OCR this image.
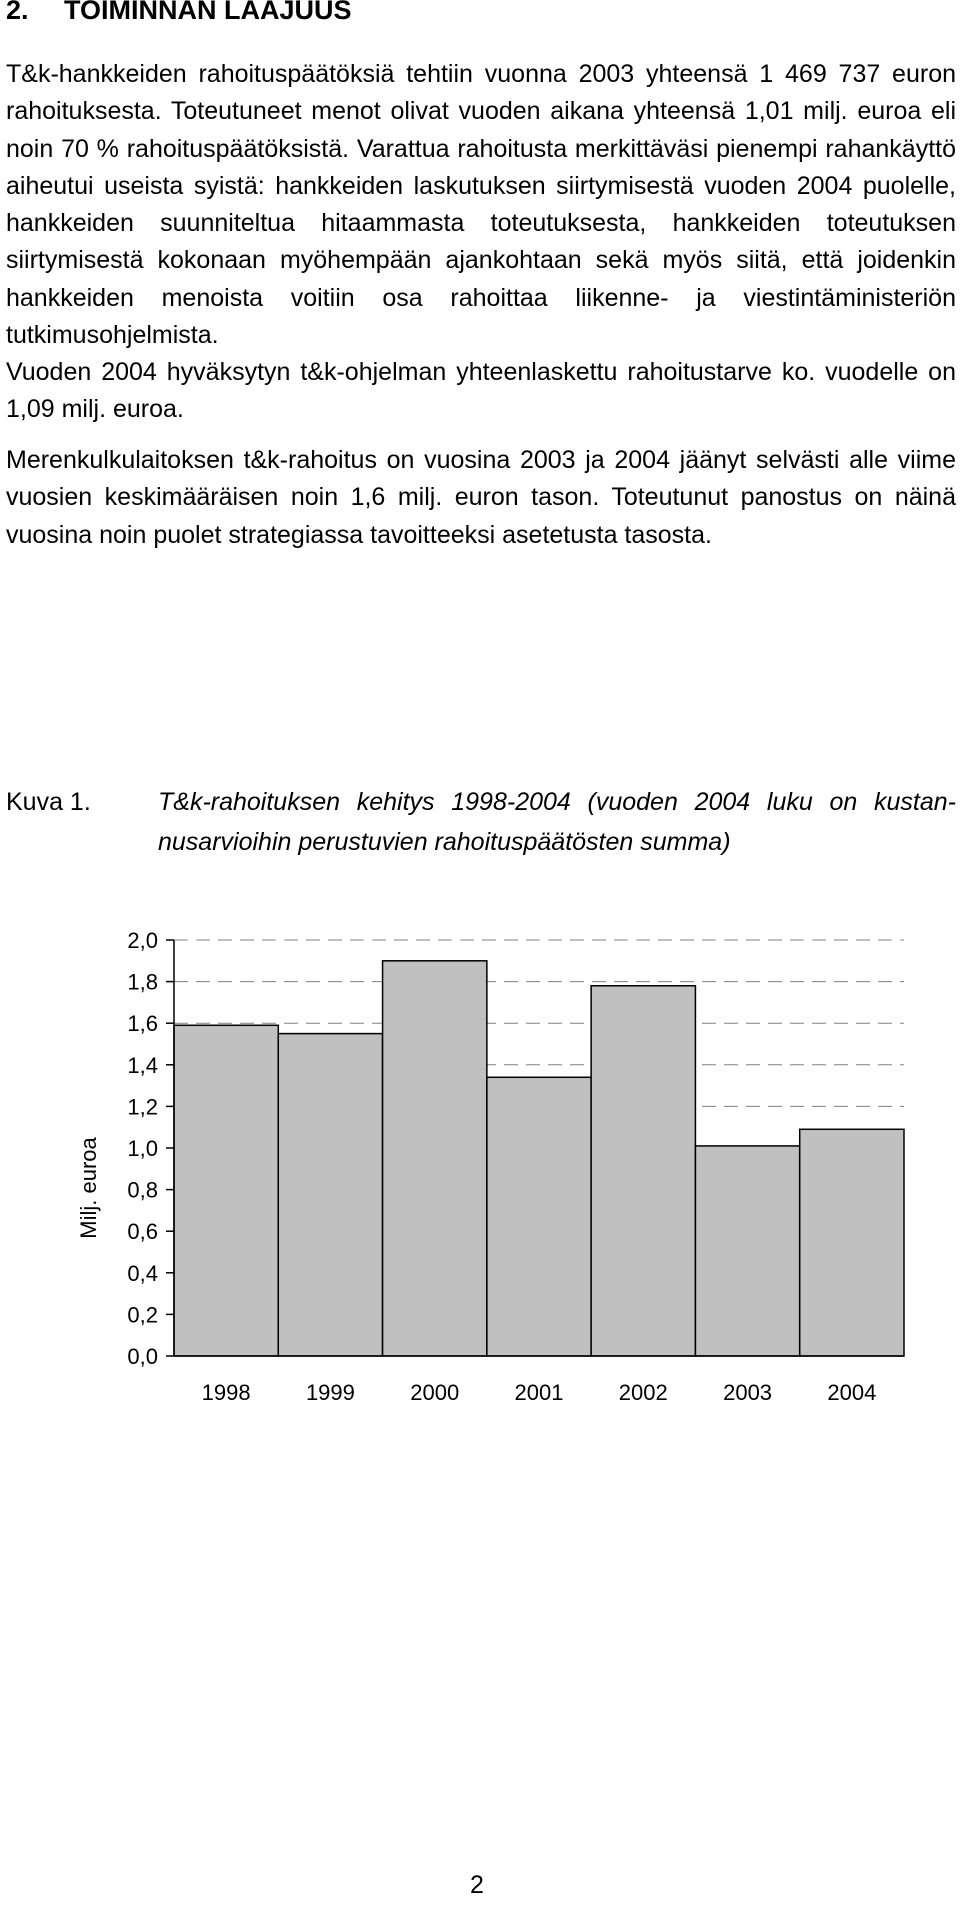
2. TOIMINNAN LAAJUUS

T&k-hankkeiden rahoituspäätöksiä tehtiin vuonna 2003 yhteensä 1 469 737 euron rahoituksesta. Toteutuneet menot olivat vuoden aikana yhteensä 1,01 milj. euroa eli noin 70 % rahoituspäätöksistä. Varattua rahoitusta merkittäväsi pienempi rahankäyttö aiheutui useista syistä: hankkeiden laskutuksen siirtymisestä vuoden 2004 puolelle, hankkeiden suunniteltua hitaammasta toteutuksesta, hankkeiden toteutuksen siirtymisestä kokonaan myöhempään ajankohtaan sekä myös siitä, että joidenkin hankkeiden menoista voitiin osa rahoittaa liikenne- ja viestintäministeriön tutkimusohjelmista.

Vuoden 2004 hyväksytyn t&k-ohjelman yhteenlaskettu rahoitustarve ko. vuodelle on 1,09 milj. euroa.

Merenkulkulaitoksen t&k-rahoitus on vuosina 2003 ja 2004 jäänyt selvästi alle viime vuosien keskimääräisen noin 1,6 milj. euron tason. Toteutunut panostus on näinä vuosina noin puolet strategiassa tavoitteeksi asetetusta tasosta.

Kuva 1.	T&k-rahoituksen kehitys 1998-2004 (vuoden 2004 luku on kustannusarvioihin perustuvien rahoituspäätösten summa)

0,0
0,2
0,4
0,6
0,8
1,0
1,2
1,4
1,6
1,8
2,0
1998	1999	2000	2001	2002	2003	2004
Milj. euroa
2
